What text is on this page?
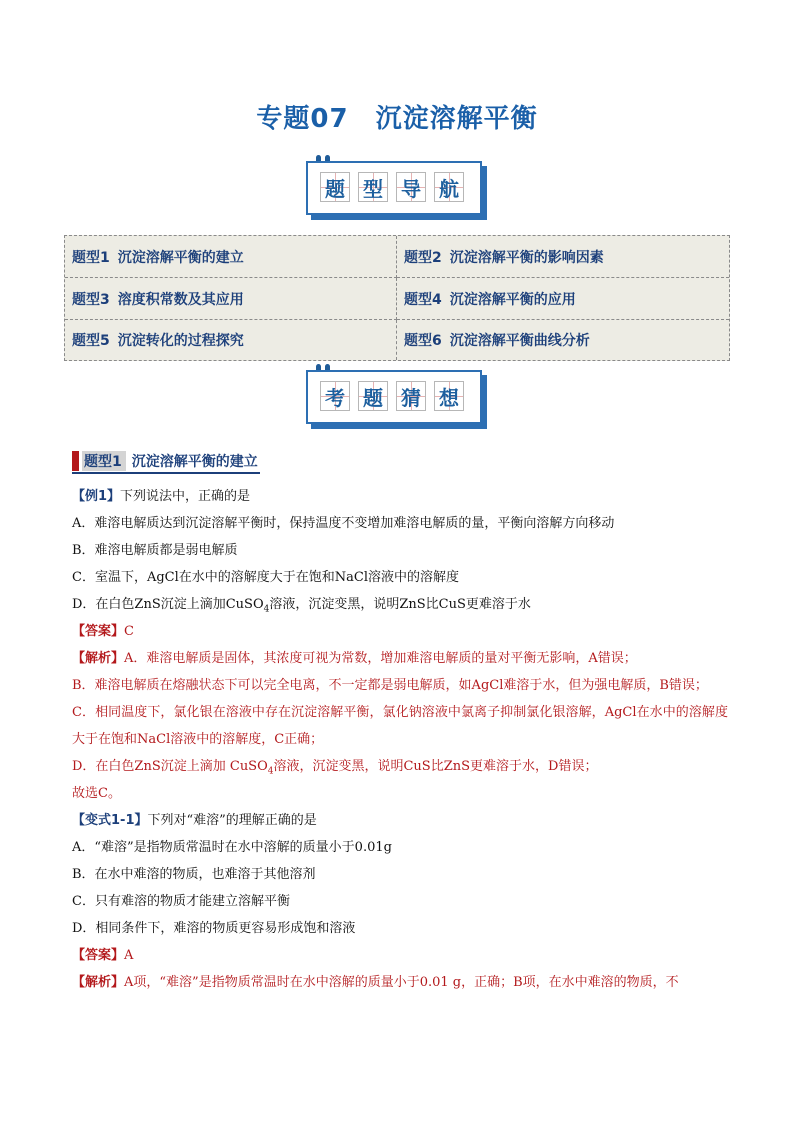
专题07　沉淀溶解平衡
题 型 导 航
题型1 沉淀溶解平衡的建立	题型2 沉淀溶解平衡的影响因素
题型3 溶度积常数及其应用	题型4 沉淀溶解平衡的应用
题型5 沉淀转化的过程探究	题型6 沉淀溶解平衡曲线分析
考 题 猜 想
题型1 沉淀溶解平衡的建立
【例1】下列说法中，正确的是
A．难溶电解质达到沉淀溶解平衡时，保持温度不变增加难溶电解质的量，平衡向溶解方向移动
B．难溶电解质都是弱电解质
C．室温下，AgCl在水中的溶解度大于在饱和NaCl溶液中的溶解度
D．在白色ZnS沉淀上滴加CuSO$_4$溶液，沉淀变黑，说明ZnS比CuS更难溶于水
【答案】C
【解析】A．难溶电解质是固体，其浓度可视为常数，增加难溶电解质的量对平衡无影响，A错误；
B．难溶电解质在熔融状态下可以完全电离，不一定都是弱电解质，如AgCl难溶于水，但为强电解质，B错误；
C．相同温度下，氯化银在溶液中存在沉淀溶解平衡，氯化钠溶液中氯离子抑制氯化银溶解，AgCl在水中的溶解度大于在饱和NaCl溶液中的溶解度，C正确；
D．在白色ZnS沉淀上滴加 CuSO$_4$溶液，沉淀变黑，说明CuS比ZnS更难溶于水，D错误；
故选C。
【变式1-1】下列对“难溶”的理解正确的是
A．“难溶”是指物质常温时在水中溶解的质量小于0.01g
B．在水中难溶的物质，也难溶于其他溶剂
C．只有难溶的物质才能建立溶解平衡
D．相同条件下，难溶的物质更容易形成饱和溶液
【答案】A
【解析】A项，“难溶”是指物质常温时在水中溶解的质量小于0.01 g，正确；B项，在水中难溶的物质，不
